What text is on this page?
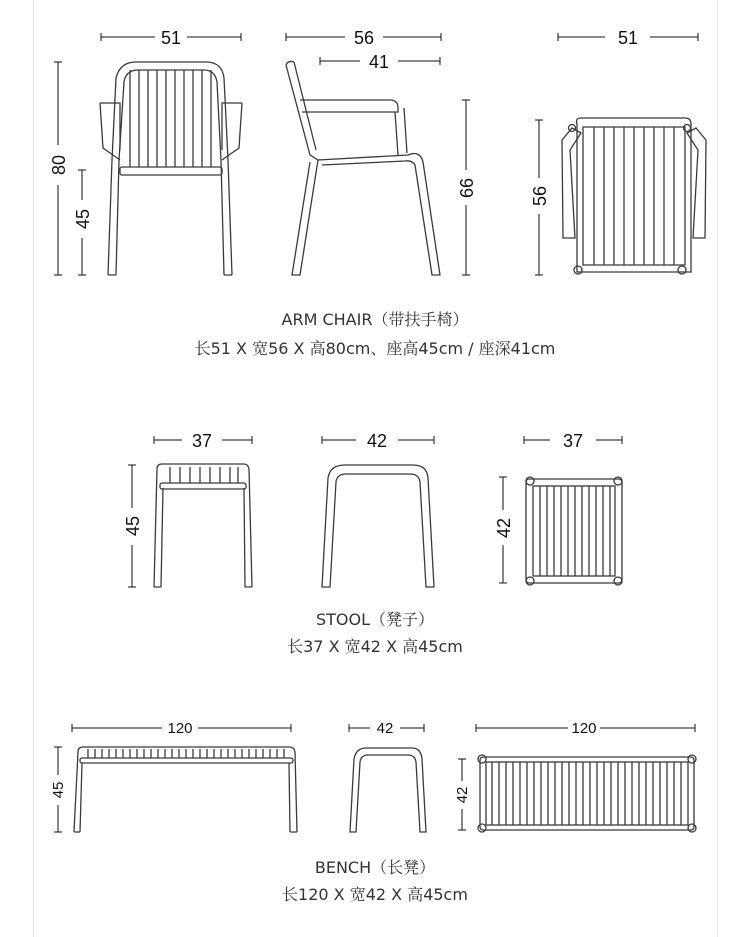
51	56
41
51
80
45
66	56
37	42	37
45	42
120	42	120
45	42
ARM CHAIR（带扶手椅）
长51 X 宽56 X 高80cm、座高45cm / 座深41cm
STOOL（凳子）
长37 X 宽42 X 高45cm
BENCH（长凳）
长120 X 宽42 X 高45cm
